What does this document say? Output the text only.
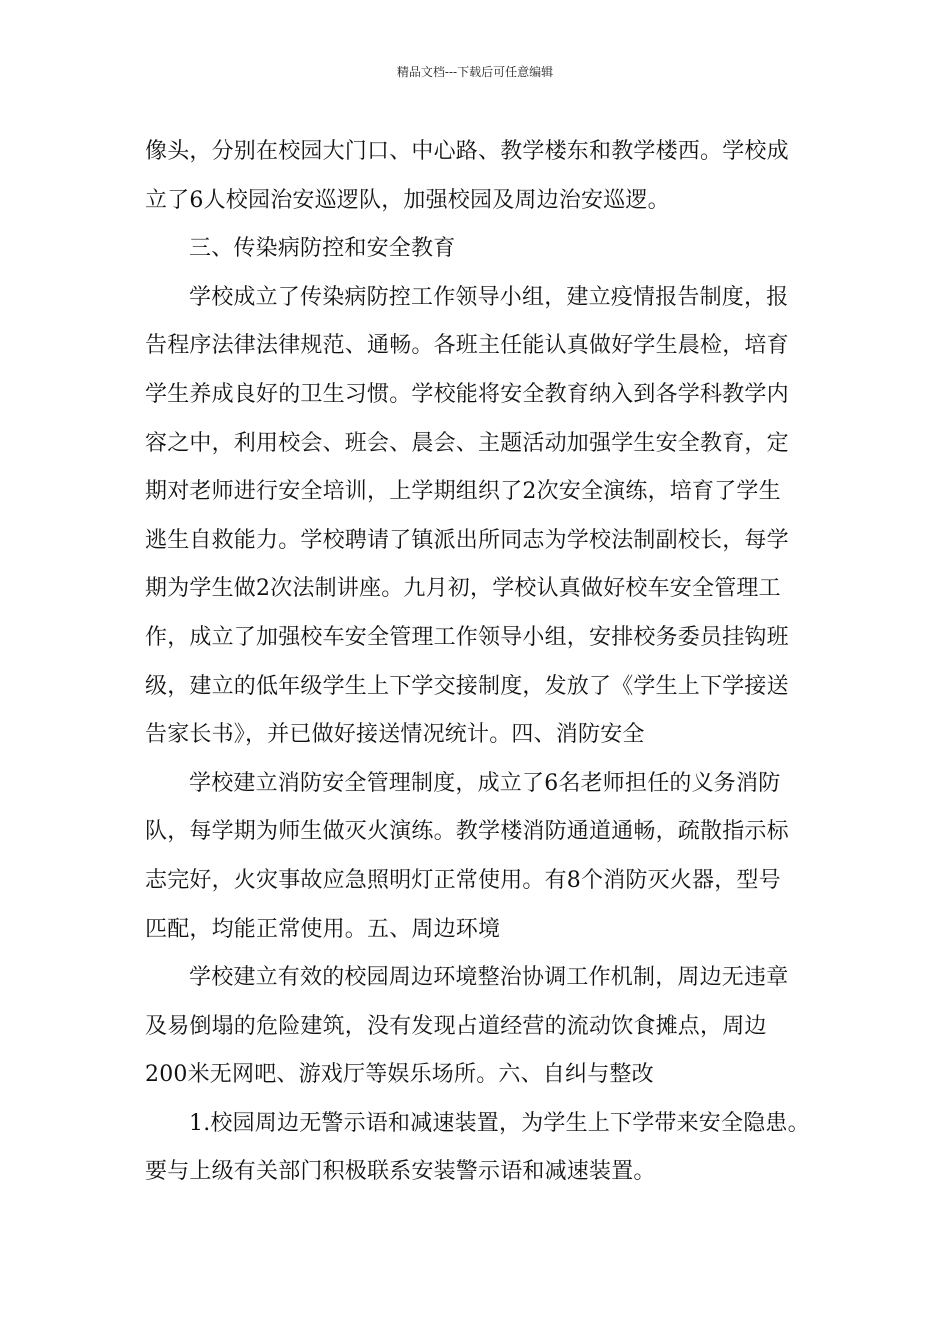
精品文档---下载后可任意编辑
像头，分别在校园大门口、中心路、教学楼东和教学楼西。学校成
立了6人校园治安巡逻队，加强校园及周边治安巡逻。
三、传染病防控和安全教育
学校成立了传染病防控工作领导小组，建立疫情报告制度，报
告程序法律法律规范、通畅。各班主任能认真做好学生晨检，培育
学生养成良好的卫生习惯。学校能将安全教育纳入到各学科教学内
容之中，利用校会、班会、晨会、主题活动加强学生安全教育，定
期对老师进行安全培训，上学期组织了2次安全演练，培育了学生
逃生自救能力。学校聘请了镇派出所同志为学校法制副校长，每学
期为学生做2次法制讲座。九月初，学校认真做好校车安全管理工
作，成立了加强校车安全管理工作领导小组，安排校务委员挂钩班
级，建立的低年级学生上下学交接制度，发放了《学生上下学接送
告家长书》，并已做好接送情况统计。四、消防安全
学校建立消防安全管理制度，成立了6名老师担任的义务消防
队，每学期为师生做灭火演练。教学楼消防通道通畅，疏散指示标
志完好，火灾事故应急照明灯正常使用。有8个消防灭火器，型号
匹配，均能正常使用。五、周边环境
学校建立有效的校园周边环境整治协调工作机制，周边无违章
及易倒塌的危险建筑，没有发现占道经营的流动饮食摊点，周边
200米无网吧、游戏厅等娱乐场所。六、自纠与整改
1.校园周边无警示语和减速装置，为学生上下学带来安全隐患。
要与上级有关部门积极联系安装警示语和减速装置。
